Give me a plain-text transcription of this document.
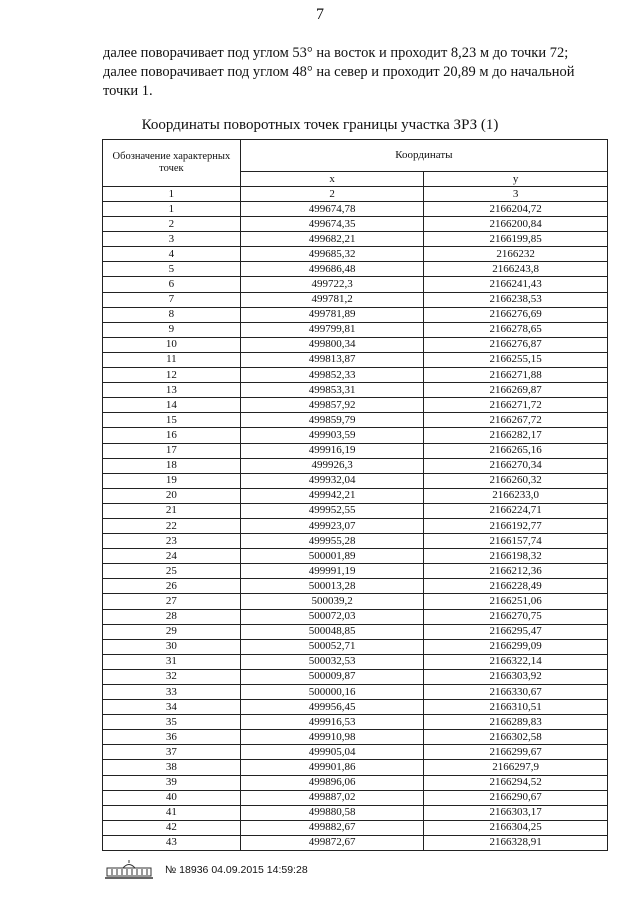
7

далее поворачивает под углом 53° на восток и проходит 8,23 м до точки 72;

далее поворачивает под углом 48° на север и проходит 20,89 м до начальной точки 1.

Координаты поворотных точек границы участка ЗРЗ (1)
Обозначение характерных точек	Координаты	
	x	y
1	2	3
1	499674,78	2166204,72
2	499674,35	2166200,84
3	499682,21	2166199,85
4	499685,32	2166232
5	499686,48	2166243,8
6	499722,3	2166241,43
7	499781,2	2166238,53
8	499781,89	2166276,69
9	499799,81	2166278,65
10	499800,34	2166276,87
11	499813,87	2166255,15
12	499852,33	2166271,88
13	499853,31	2166269,87
14	499857,92	2166271,72
15	499859,79	2166267,72
16	499903,59	2166282,17
17	499916,19	2166265,16
18	499926,3	2166270,34
19	499932,04	2166260,32
20	499942,21	2166233,0
21	499952,55	2166224,71
22	499923,07	2166192,77
23	499955,28	2166157,74
24	500001,89	2166198,32
25	499991,19	2166212,36
26	500013,28	2166228,49
27	500039,2	2166251,06
28	500072,03	2166270,75
29	500048,85	2166295,47
30	500052,71	2166299,09
31	500032,53	2166322,14
32	500009,87	2166303,92
33	500000,16	2166330,67
34	499956,45	2166310,51
35	499916,53	2166289,83
36	499910,98	2166302,58
37	499905,04	2166299,67
38	499901,86	2166297,9
39	499896,06	2166294,52
40	499887,02	2166290,67
41	499880,58	2166303,17
42	499882,67	2166304,25
43	499872,67	2166328,91
№ 18936 04.09.2015 14:59:28
